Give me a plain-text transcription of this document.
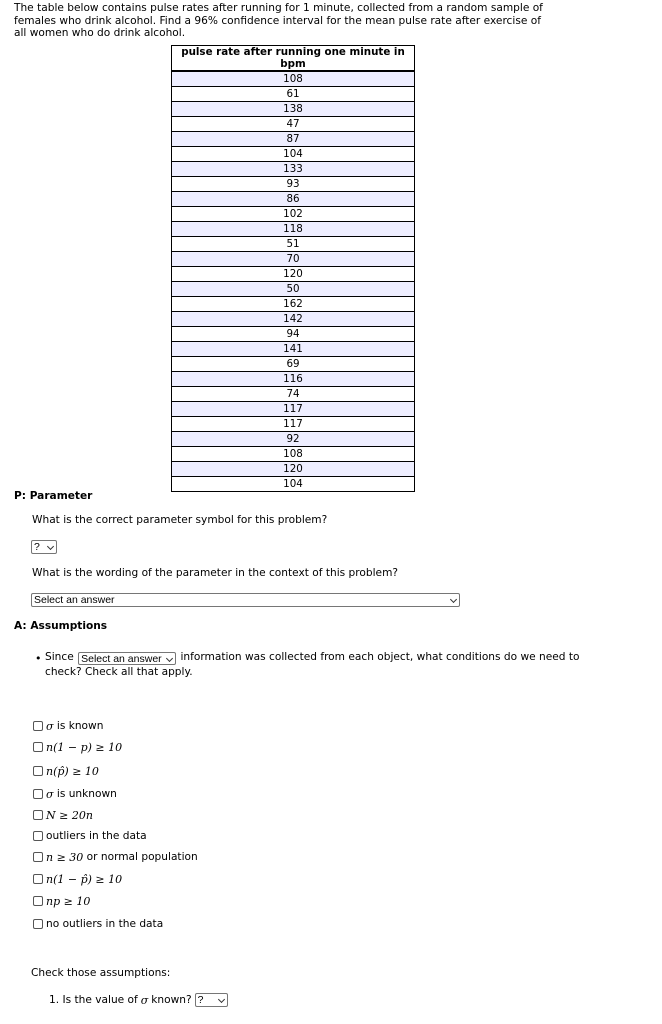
The table below contains pulse rates after running for 1 minute, collected from a random sample of females who drink alcohol. Find a 96% confidence interval for the mean pulse rate after exercise of all women who do drink alcohol.
pulse rate after running one minute in bpm
108
61
138
47
87
104
133
93
86
102
118
51
70
120
50
162
142
94
141
69
116
74
117
117
92
108
120
104
P: Parameter
What is the correct parameter symbol for this problem?
?
What is the wording of the parameter in the context of this problem?
Select an answer
A: Assumptions
• Since Select an answer information was collected from each object, what conditions do we need to check? Check all that apply.
σ is known
n(1 − p) ≥ 10
n(p̂) ≥ 10
σ is unknown
N ≥ 20n
outliers in the data
n ≥ 30 or normal population
n(1 − p̂) ≥ 10
np ≥ 10
no outliers in the data
Check those assumptions:
1. Is the value of σ known? ?
